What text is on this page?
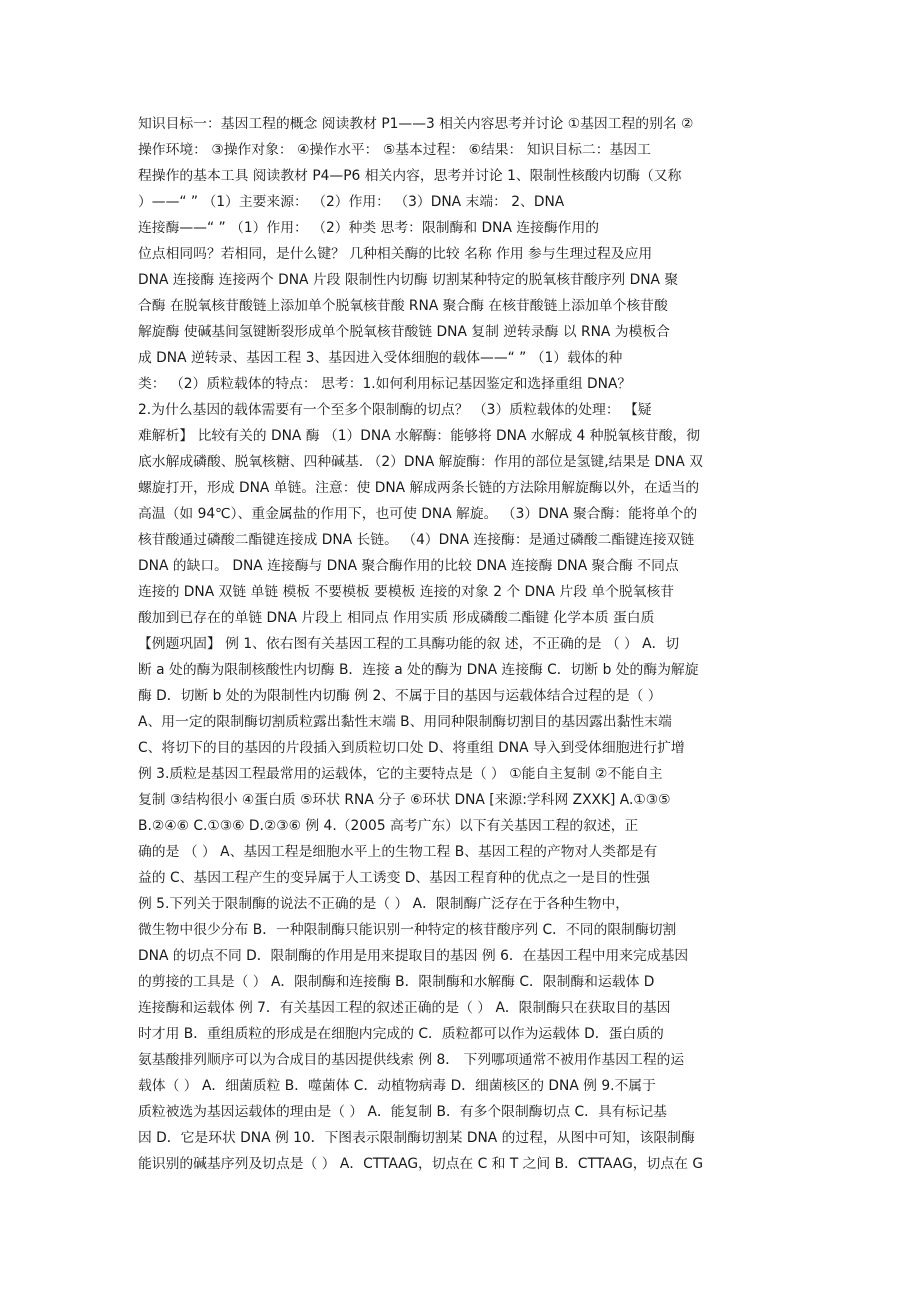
知识目标一：基因工程的概念 阅读教材 P1——3 相关内容思考并讨论 ①基因工程的别名 ②
操作环境： ③操作对象： ④操作水平： ⑤基本过程： ⑥结果： 知识目标二：基因工
程操作的基本工具 阅读教材 P4—P6 相关内容，思考并讨论 1、限制性核酸内切酶（又称
）——“ ” （1）主要来源： （2）作用： （3）DNA 末端： 2、DNA
连接酶——“ ” （1）作用： （2）种类 思考：限制酶和 DNA 连接酶作用的
位点相同吗？若相同，是什么键？ 几种相关酶的比较 名称 作用 参与生理过程及应用
DNA 连接酶 连接两个 DNA 片段 限制性内切酶 切割某种特定的脱氧核苷酸序列 DNA 聚
合酶 在脱氧核苷酸链上添加单个脱氧核苷酸 RNA 聚合酶 在核苷酸链上添加单个核苷酸
解旋酶 使碱基间氢键断裂形成单个脱氧核苷酸链 DNA 复制 逆转录酶 以 RNA 为模板合
成 DNA 逆转录、基因工程 3、基因进入受体细胞的载体——“ ” （1）载体的种
类： （2）质粒载体的特点： 思考：1.如何利用标记基因鉴定和选择重组 DNA？
2.为什么基因的载体需要有一个至多个限制酶的切点？ （3）质粒载体的处理： 【疑
难解析】 比较有关的 DNA 酶 （1）DNA 水解酶：能够将 DNA 水解成 4 种脱氧核苷酸，彻
底水解成磷酸、脱氧核糖、四种碱基. （2）DNA 解旋酶：作用的部位是氢键,结果是 DNA 双
螺旋打开，形成 DNA 单链。注意：使 DNA 解成两条长链的方法除用解旋酶以外，在适当的
高温（如 94℃）、重金属盐的作用下，也可使 DNA 解旋。 （3）DNA 聚合酶：能将单个的
核苷酸通过磷酸二酯键连接成 DNA 长链。 （4）DNA 连接酶：是通过磷酸二酯键连接双链
DNA 的缺口。 DNA 连接酶与 DNA 聚合酶作用的比较 DNA 连接酶 DNA 聚合酶 不同点
连接的 DNA 双链 单链 模板 不要模板 要模板 连接的对象 2 个 DNA 片段 单个脱氧核苷
酸加到已存在的单链 DNA 片段上 相同点 作用实质 形成磷酸二酯键 化学本质 蛋白质
【例题巩固】 例 1、依右图有关基因工程的工具酶功能的叙 述，不正确的是 （ ） A．切
断 a 处的酶为限制核酸性内切酶 B．连接 a 处的酶为 DNA 连接酶 C．切断 b 处的酶为解旋
酶 D．切断 b 处的为限制性内切酶 例 2、不属于目的基因与运载体结合过程的是（ ）
A、用一定的限制酶切割质粒露出黏性末端 B、用同种限制酶切割目的基因露出黏性末端
C、将切下的目的基因的片段插入到质粒切口处 D、将重组 DNA 导入到受体细胞进行扩增
例 3.质粒是基因工程最常用的运载体，它的主要特点是（ ） ①能自主复制 ②不能自主
复制 ③结构很小 ④蛋白质 ⑤环状 RNA 分子 ⑥环状 DNA [来源:学科网 ZXXK] A.①③⑤
B.②④⑥ C.①③⑥ D.②③⑥ 例 4.（2005 高考广东）以下有关基因工程的叙述，正
确的是 （ ） A、基因工程是细胞水平上的生物工程 B、基因工程的产物对人类都是有
益的 C、基因工程产生的变异属于人工诱变 D、基因工程育种的优点之一是目的性强
例 5.下列关于限制酶的说法不正确的是（ ） A．限制酶广泛存在于各种生物中，
微生物中很少分布 B．一种限制酶只能识别一种特定的核苷酸序列 C．不同的限制酶切割
DNA 的切点不同 D．限制酶的作用是用来提取目的基因 例 6．在基因工程中用来完成基因
的剪接的工具是（ ） A．限制酶和连接酶 B．限制酶和水解酶 C．限制酶和运载体 D
连接酶和运载体 例 7．有关基因工程的叙述正确的是（ ） A．限制酶只在获取目的基因
时才用 B．重组质粒的形成是在细胞内完成的 C．质粒都可以作为运载体 D．蛋白质的
氨基酸排列顺序可以为合成目的基因提供线索 例 8． 下列哪项通常不被用作基因工程的运
载体（ ） A．细菌质粒 B．噬菌体 C．动植物病毒 D．细菌核区的 DNA 例 9.不属于
质粒被选为基因运载体的理由是（ ） A．能复制 B．有多个限制酶切点 C．具有标记基
因 D．它是环状 DNA 例 10．下图表示限制酶切割某 DNA 的过程，从图中可知，该限制酶
能识别的碱基序列及切点是（ ） A．CTTAAG，切点在 C 和 T 之间 B．CTTAAG，切点在 G
